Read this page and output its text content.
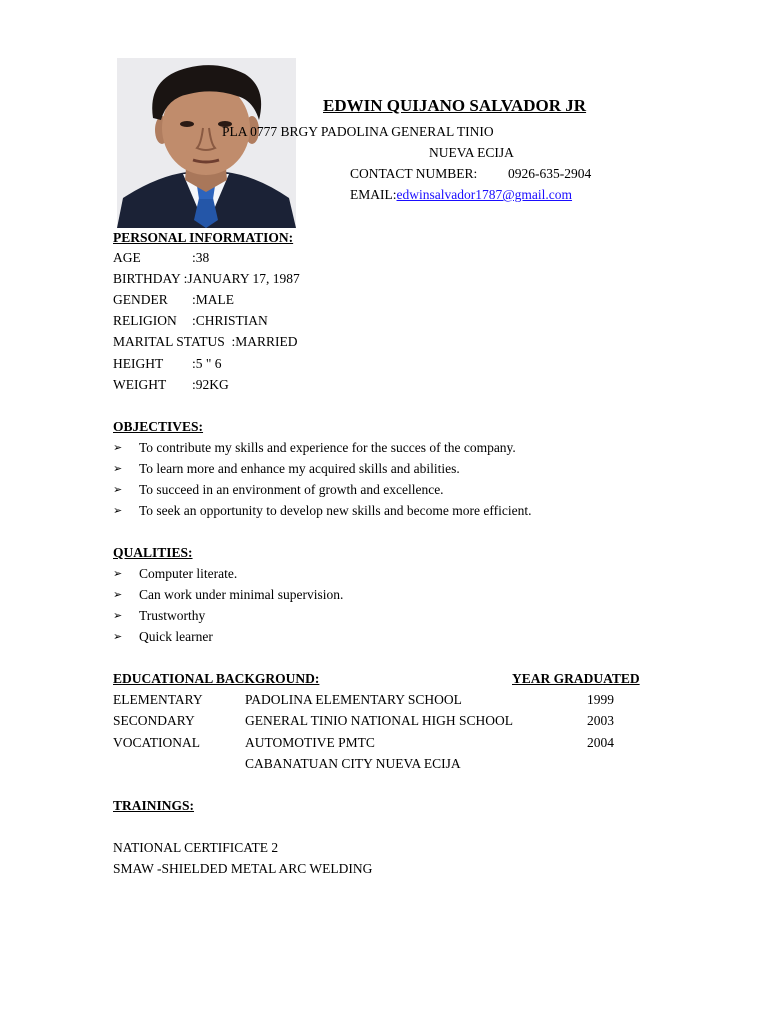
EDWIN QUIJANO SALVADOR JR
PLA 0777 BRGY PADOLINA GENERAL TINIO
NUEVA ECIJA
CONTACT NUMBER: 0926-635-2904
EMAIL:edwinsalvador1787@gmail.com
PERSONAL INFORMATION:
AGE	:38
BIRTHDAY :JANUARY 17, 1987
GENDER :MALE
RELIGION :CHRISTIAN
MARITAL STATUS :MARRIED
HEIGHT :5 " 6
WEIGHT :92KG
OBJECTIVES:
➢ To contribute my skills and experience for the succes of the company.
➢ To learn more and enhance my acquired skills and abilities.
➢ To succeed in an environment of growth and excellence.
➢ To seek an opportunity to develop new skills and become more efficient.
QUALITIES:
➢ Computer literate.
➢ Can work under minimal supervision.
➢ Trustworthy
➢ Quick learner
EDUCATIONAL BACKGROUND:	YEAR GRADUATED
ELEMENTARY	PADOLINA ELEMENTARY SCHOOL	1999
SECONDARY	GENERAL TINIO NATIONAL HIGH SCHOOL	2003
VOCATIONAL	AUTOMOTIVE PMTC	2004
CABANATUAN CITY NUEVA ECIJA
TRAININGS:
NATIONAL CERTIFICATE 2
SMAW -SHIELDED METAL ARC WELDING
